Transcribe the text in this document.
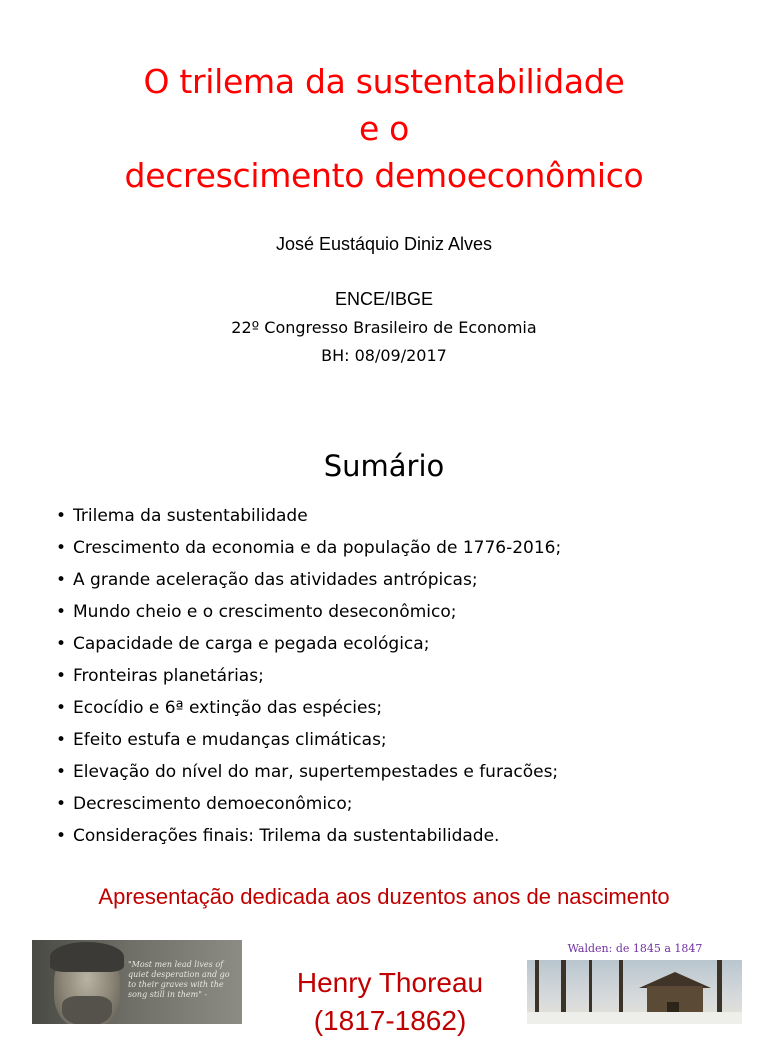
O trilema da sustentabilidade
e o
decrescimento demoeconômico
José Eustáquio Diniz Alves
ENCE/IBGE
22º Congresso Brasileiro de Economia
BH: 08/09/2017
Sumário
• Trilema da sustentabilidade
• Crescimento da economia e da população de 1776-2016;
• A grande aceleração das atividades antrópicas;
• Mundo cheio e o crescimento deseconômico;
• Capacidade de carga e pegada ecológica;
• Fronteiras planetárias;
• Ecocídio e 6ª extinção das espécies;
• Efeito estufa e mudanças climáticas;
• Elevação do nível do mar, supertempestades e furacões;
• Decrescimento demoeconômico;
• Considerações finais: Trilema da sustentabilidade.
Apresentação dedicada aos duzentos anos de nascimento
"Most men lead lives of quiet desperation and go to their graves with the song still in them" -	Henry Thoreau
(1817-1862)
Walden: de 1845 a 1847
